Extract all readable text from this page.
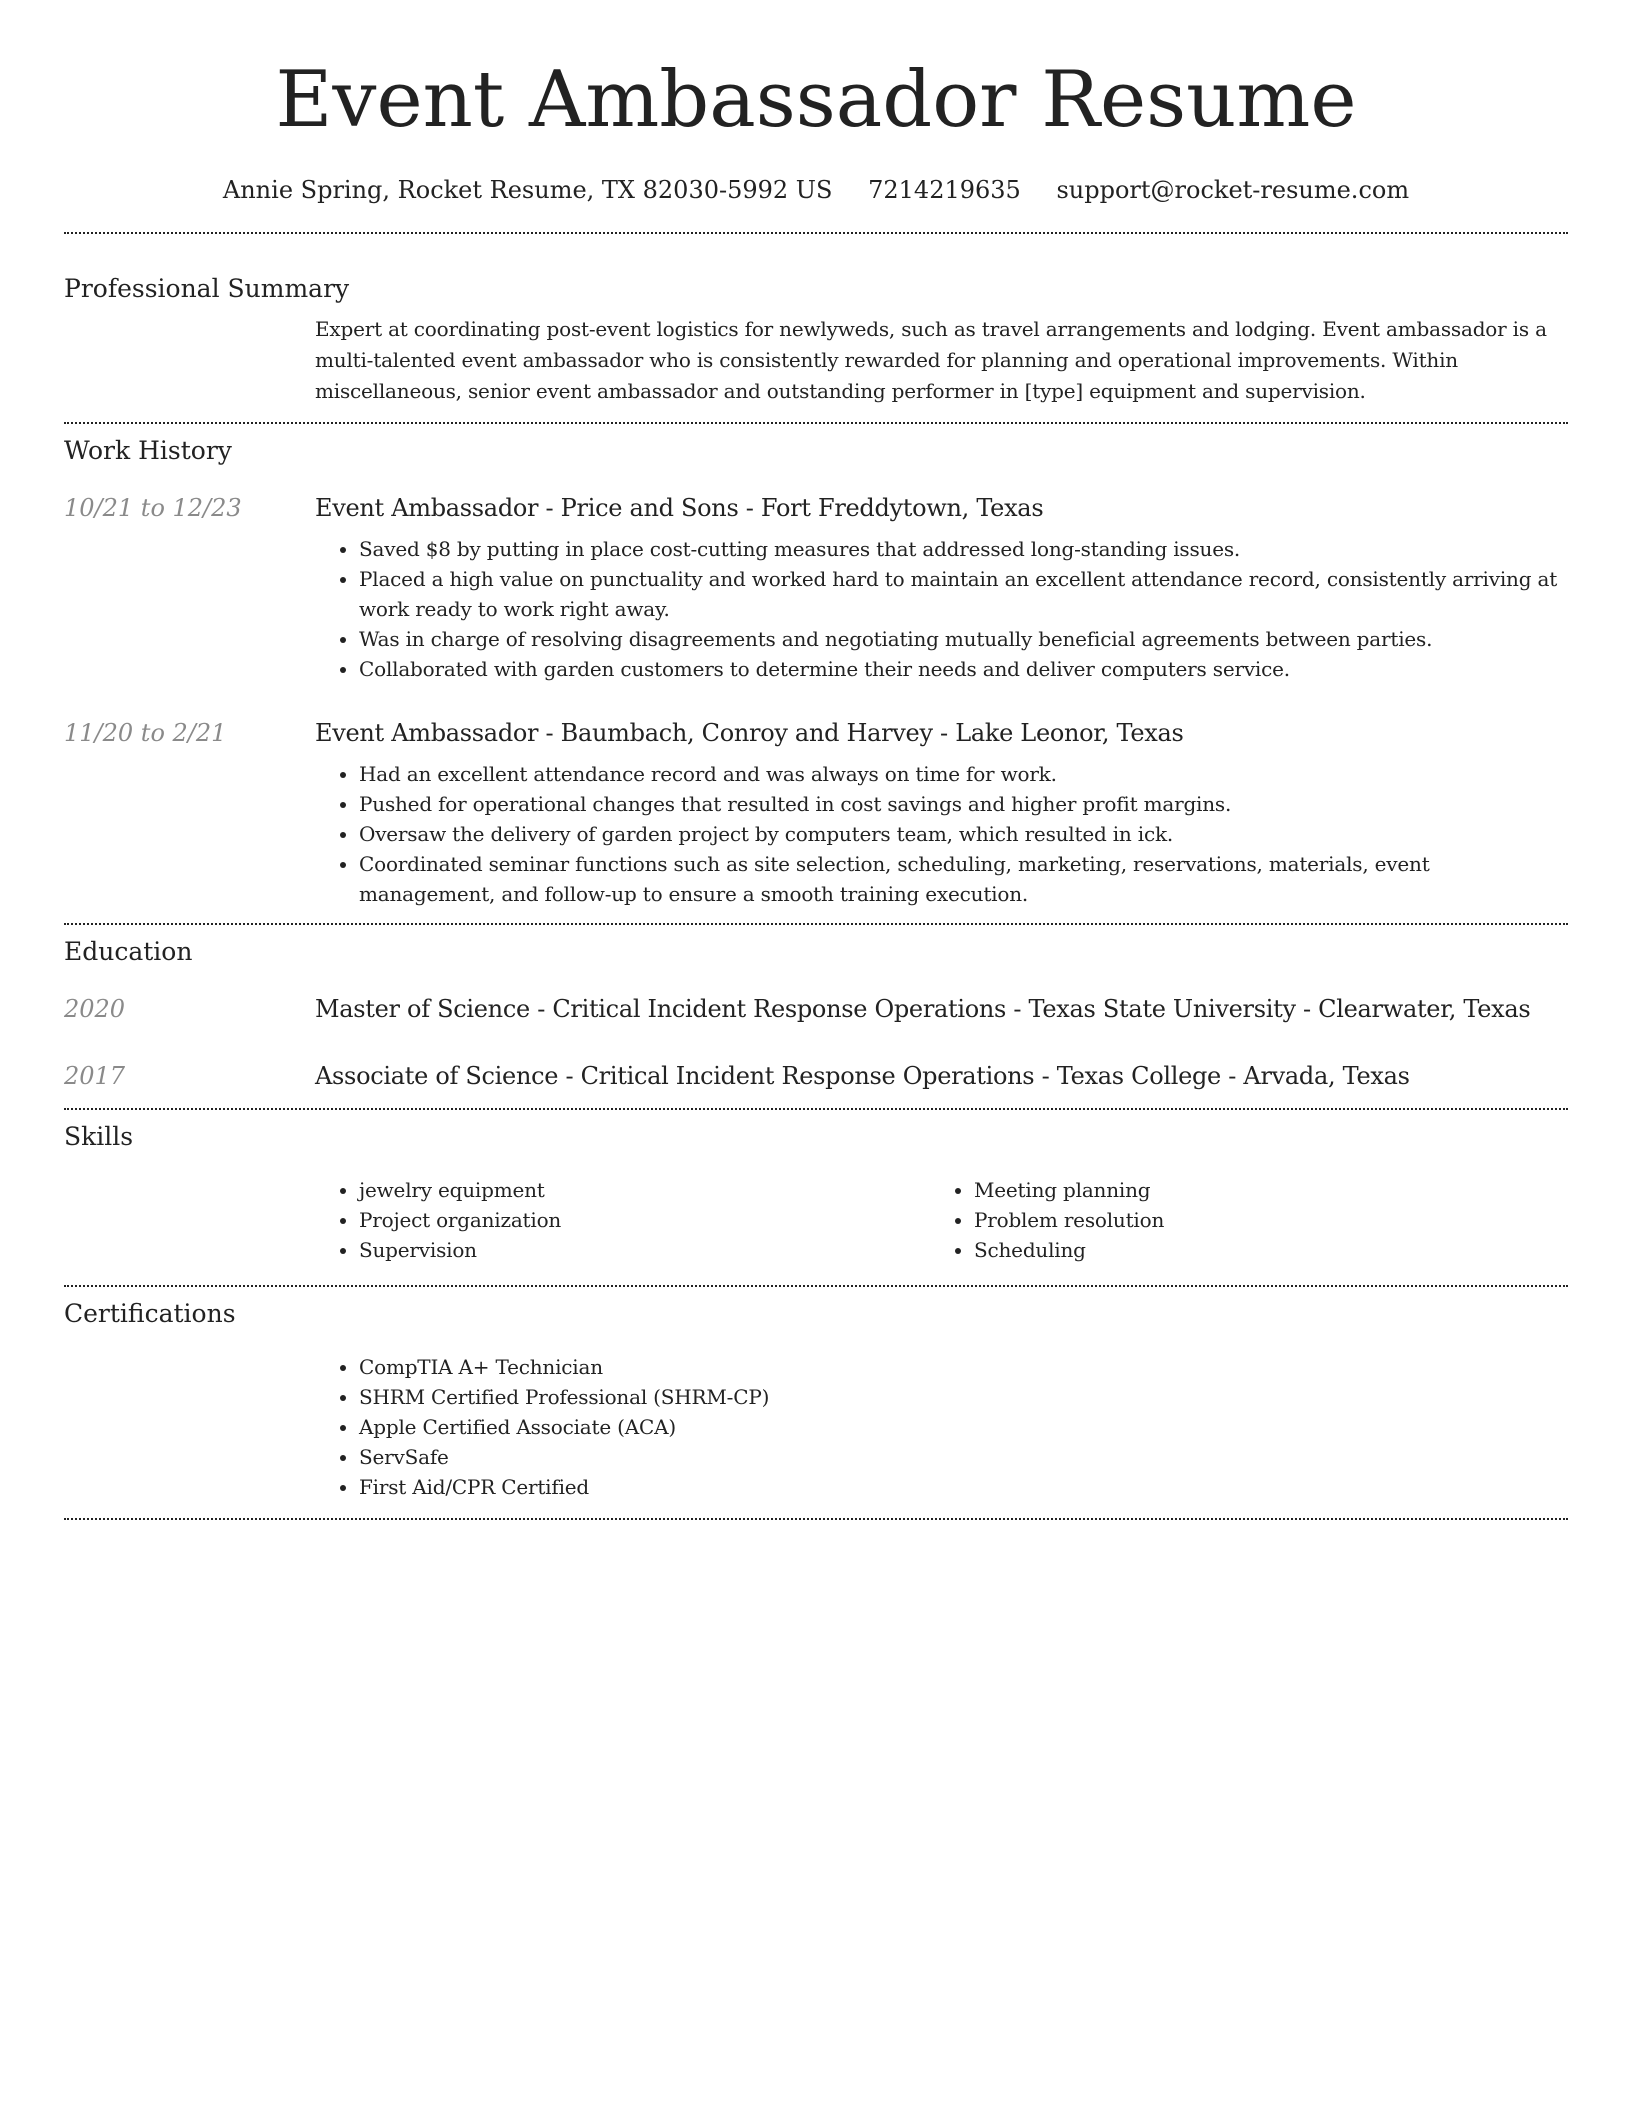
Event Ambassador Resume
Annie Spring, Rocket Resume, TX 82030-5992 US 7214219635 support@rocket-resume.com
Professional Summary
Expert at coordinating post-event logistics for newlyweds, such as travel arrangements and lodging. Event ambassador is a multi-talented event ambassador who is consistently rewarded for planning and operational improvements. Within miscellaneous, senior event ambassador and outstanding performer in [type] equipment and supervision.
Work History
10/21 to 12/23	Event Ambassador - Price and Sons - Fort Freddytown, Texas
• Saved $8 by putting in place cost-cutting measures that addressed long-standing issues.
• Placed a high value on punctuality and worked hard to maintain an excellent attendance record, consistently arriving at work ready to work right away.
• Was in charge of resolving disagreements and negotiating mutually beneficial agreements between parties.
• Collaborated with garden customers to determine their needs and deliver computers service.
11/20 to 2/21	Event Ambassador - Baumbach, Conroy and Harvey - Lake Leonor, Texas
• Had an excellent attendance record and was always on time for work.
• Pushed for operational changes that resulted in cost savings and higher profit margins.
• Oversaw the delivery of garden project by computers team, which resulted in ick.
• Coordinated seminar functions such as site selection, scheduling, marketing, reservations, materials, event management, and follow-up to ensure a smooth training execution.
Education
2020	Master of Science - Critical Incident Response Operations - Texas State University - Clearwater, Texas
2017	Associate of Science - Critical Incident Response Operations - Texas College - Arvada, Texas
Skills
• jewelry equipment
• Project organization
• Supervision
• Meeting planning
• Problem resolution
• Scheduling
Certifications
• CompTIA A+ Technician
• SHRM Certified Professional (SHRM-CP)
• Apple Certified Associate (ACA)
• ServSafe
• First Aid/CPR Certified
